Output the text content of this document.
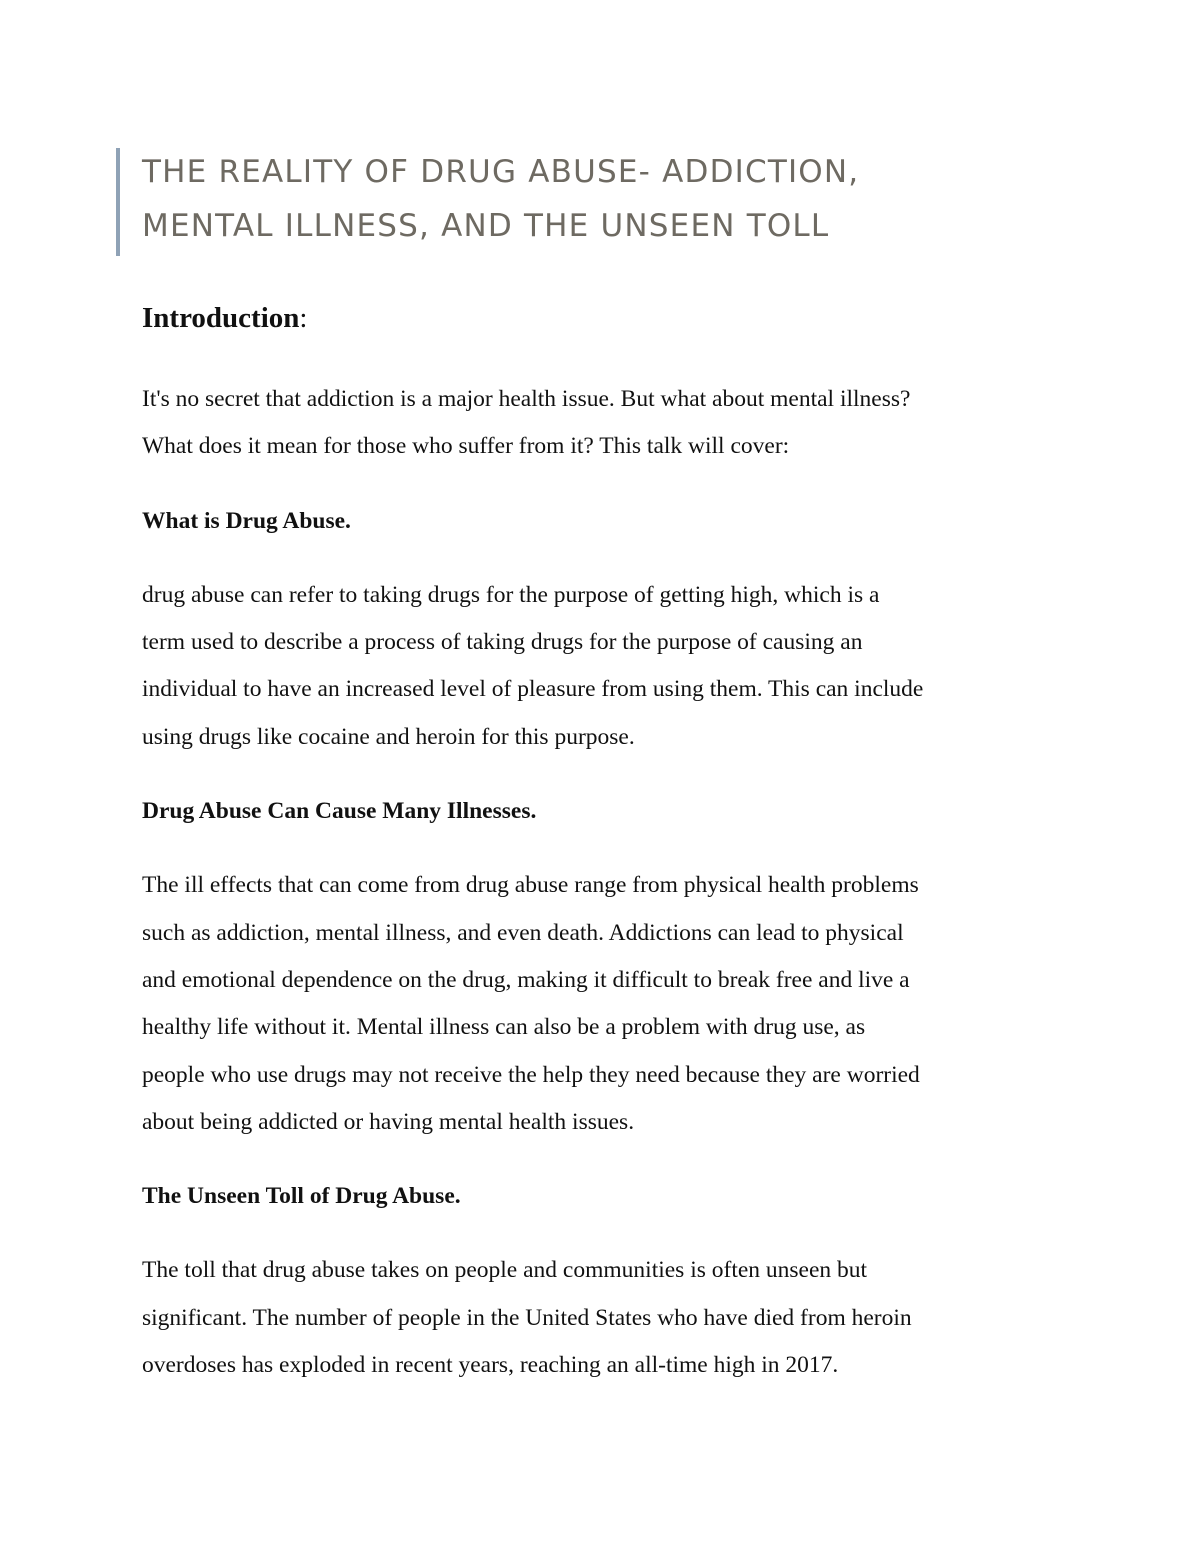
THE REALITY OF DRUG ABUSE- ADDICTION,
MENTAL ILLNESS, AND THE UNSEEN TOLL

Introduction:

It's no secret that addiction is a major health issue. But what about mental illness?
What does it mean for those who suffer from it? This talk will cover:

What is Drug Abuse.

drug abuse can refer to taking drugs for the purpose of getting high, which is a
term used to describe a process of taking drugs for the purpose of causing an
individual to have an increased level of pleasure from using them. This can include
using drugs like cocaine and heroin for this purpose.

Drug Abuse Can Cause Many Illnesses.

The ill effects that can come from drug abuse range from physical health problems
such as addiction, mental illness, and even death. Addictions can lead to physical
and emotional dependence on the drug, making it difficult to break free and live a
healthy life without it. Mental illness can also be a problem with drug use, as
people who use drugs may not receive the help they need because they are worried
about being addicted or having mental health issues.

The Unseen Toll of Drug Abuse.

The toll that drug abuse takes on people and communities is often unseen but
significant. The number of people in the United States who have died from heroin
overdoses has exploded in recent years, reaching an all-time high in 2017.
